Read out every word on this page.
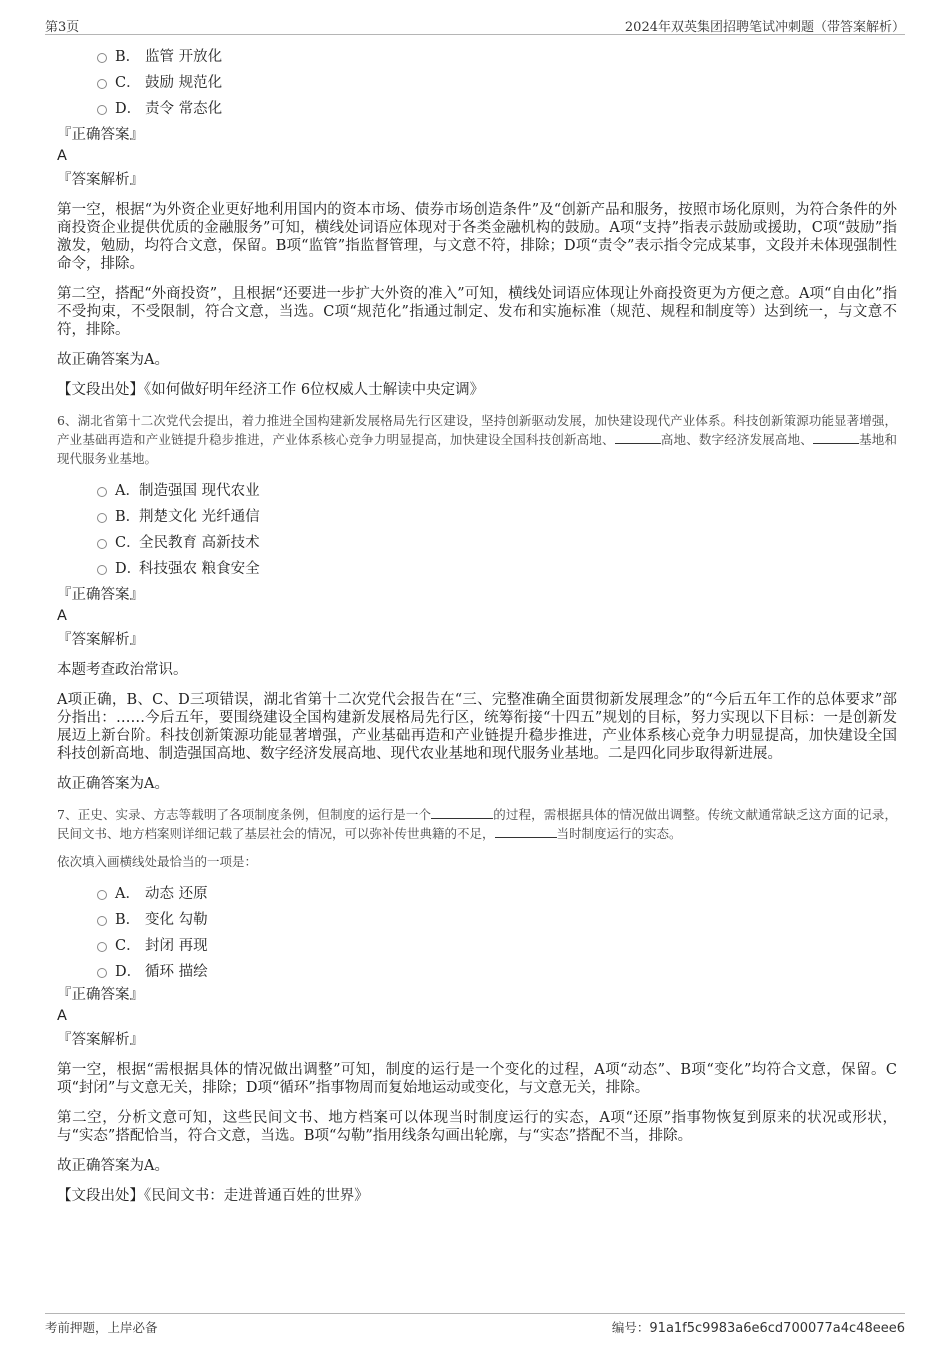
第3页	2024年双英集团招聘笔试冲刺题（带答案解析）
B． 监管 开放化
C． 鼓励 规范化
D． 责令 常态化
『正确答案』
A
『答案解析』

第一空，根据“为外资企业更好地利用国内的资本市场、债券市场创造条件”及“创新产品和服务，按照市场化原则，为符合条件的外商投资企业提供优质的金融服务”可知，横线处词语应体现对于各类金融机构的鼓励。A项“支持”指表示鼓励或援助，C项“鼓励”指激发，勉励，均符合文意，保留。B项“监管”指监督管理，与文意不符，排除；D项“责令”表示指令完成某事，文段并未体现强制性命令，排除。

第二空，搭配“外商投资”，且根据“还要进一步扩大外资的准入”可知，横线处词语应体现让外商投资更为方便之意。A项“自由化”指不受拘束，不受限制，符合文意，当选。C项“规范化”指通过制定、发布和实施标准（规范、规程和制度等）达到统一，与文意不符，排除。

故正确答案为A。

【文段出处】《如何做好明年经济工作 6位权威人士解读中央定调》

6、湖北省第十二次党代会提出，着力推进全国构建新发展格局先行区建设，坚持创新驱动发展，加快建设现代产业体系。科技创新策源功能显著增强，产业基础再造和产业链提升稳步推进，产业体系核心竞争力明显提高，加快建设全国科技创新高地、	高地、数字经济发展高地、	基地和现代服务业基地。
A．制造强国 现代农业
B．荆楚文化 光纤通信
C．全民教育 高新技术
D．科技强农 粮食安全
『正确答案』
A
『答案解析』

本题考查政治常识。

A项正确，B、C、D三项错误，湖北省第十二次党代会报告在“三、完整准确全面贯彻新发展理念”的“今后五年工作的总体要求”部分指出：……今后五年，要围绕建设全国构建新发展格局先行区，统筹衔接“十四五”规划的目标，努力实现以下目标：一是创新发展迈上新台阶。科技创新策源功能显著增强，产业基础再造和产业链提升稳步推进，产业体系核心竞争力明显提高，加快建设全国科技创新高地、制造强国高地、数字经济发展高地、现代农业基地和现代服务业基地。二是四化同步取得新进展。

故正确答案为A。

7、正史、实录、方志等载明了各项制度条例，但制度的运行是一个	的过程，需根据具体的情况做出调整。传统文献通常缺乏这方面的记录，民间文书、地方档案则详细记载了基层社会的情况，可以弥补传世典籍的不足，	当时制度运行的实态。
依次填入画横线处最恰当的一项是：
A． 动态 还原
B． 变化 勾勒
C． 封闭 再现
D． 循环 描绘
『正确答案』
A
『答案解析』

第一空，根据“需根据具体的情况做出调整”可知，制度的运行是一个变化的过程，A项“动态”、B项“变化”均符合文意，保留。C项“封闭”与文意无关，排除；D项“循环”指事物周而复始地运动或变化，与文意无关，排除。

第二空，分析文意可知，这些民间文书、地方档案可以体现当时制度运行的实态，A项“还原”指事物恢复到原来的状况或形状，与“实态”搭配恰当，符合文意，当选。B项“勾勒”指用线条勾画出轮廓，与“实态”搭配不当，排除。

故正确答案为A。

【文段出处】《民间文书：走进普通百姓的世界》

考前押题，上岸必备	编号：91a1f5c9983a6e6cd700077a4c48eee6
